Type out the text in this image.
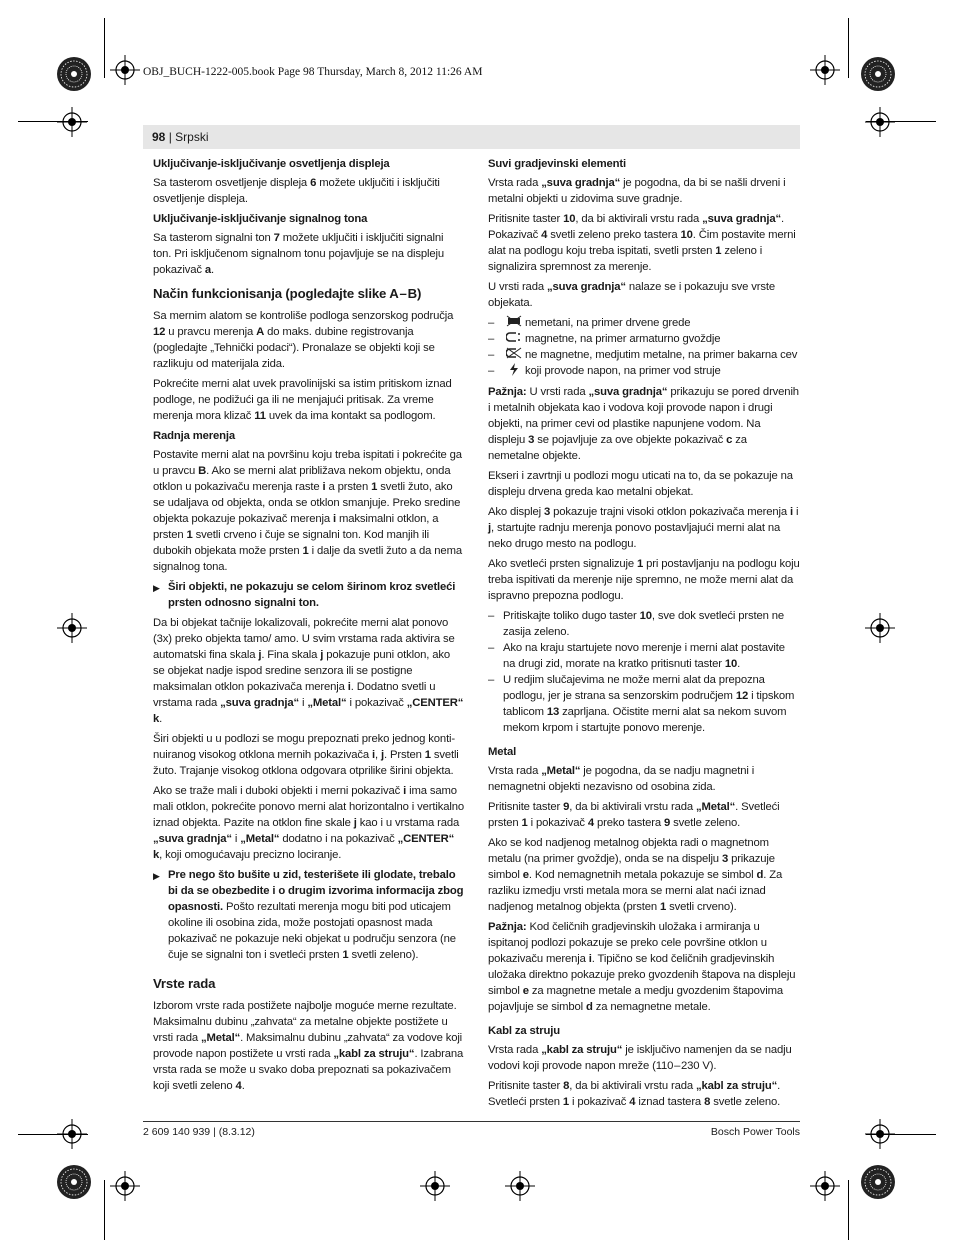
OBJ_BUCH-1222-005.book Page 98 Thursday, March 8, 2012 11:26 AM
98 | Srpski
Uključivanje-isključivanje osvetljenja displeja

Sa tasterom osvetljenje displeja 6 možete uključiti i isključiti osvetljenje displeja.

Uključivanje-isključivanje signalnog tona

Sa tasterom signalni ton 7 možete uključiti i isključiti signalni ton. Pri isključenom signalnom tonu pojavljuje se na displeju pokazivač a.

Način funkcionisanja (pogledajte slike A – B)

Sa mernim alatom se kontroliše podloga senzorskog područja 12 u pravcu merenja A do maks. dubine registrovanja (pogledajte „Tehnički podaci“). Pronalaze se objekti koji se razlikuju od materijala zida.

Pokrećite merni alat uvek pravolinijski sa istim pritiskom iznad podloge, ne podižući ga ili ne menjajući pritisak. Za vreme merenja mora klizač 11 uvek da ima kontakt sa podlogom.

Radnja merenja

Postavite merni alat na površinu koju treba ispitati i pokrećite ga u pravcu B. Ako se merni alat približava nekom objektu, onda otklon u pokazivaču merenja raste i a prsten 1 svetli žuto, ako se udaljava od objekta, onda se otklon smanjuje. Preko sredine objekta pokazuje pokazivač merenja i maksimalni otklon, a prsten 1 svetli crveno i čuje se signalni ton. Kod manjih ili dubokih objekata može prsten 1 i dalje da svetli žuto a da nema signalnog tona.

▶ Širi objekti, ne pokazuju se celom širinom kroz svetleći prsten odnosno signalni ton.

Da bi objekat tačnije lokalizovali, pokrećite merni alat ponovo (3x) preko objekta tamo/ amo. U svim vrstama rada aktivira se automatski fina skala j. Fina skala j pokazuje puni otklon, ako se objekat nadje ispod sredine senzora ili se postigne maksimalan otklon pokazivača merenja i. Dodatno svetli u vrstama rada „suva gradnja“ i „Metal“ i pokazivač „CENTER“ k.

Širi objekti u u podlozi se mogu prepoznati preko jednog konti-nuiranog visokog otklona mernih pokazivača i, j. Prsten 1 svetli žuto. Trajanje visokog otklona odgovara otprilike širini objekta.

Ako se traže mali i duboki objekti i merni pokazivač i ima samo mali otklon, pokrećite ponovo merni alat horizontalno i vertikalno iznad objekta. Pazite na otklon fine skale j kao i u vrstama rada „suva gradnja“ i „Metal“ dodatno i na pokazivač „CENTER“ k, koji omogućavaju precizno lociranje.

▶ Pre nego što bušite u zid, testerišete ili glodate, trebalo bi da se obezbedite i o drugim izvorima informacija zbog opasnosti. Pošto rezultati merenja mogu biti pod uticajem okoline ili osobina zida, može postojati opasnost mada pokazivač ne pokazuje neki objekat u području senzora (ne čuje se signalni ton i svetleći prsten 1 svetli zeleno).
Vrste rada

Izborom vrste rada postižete najbolje moguće merne rezultate. Maksimalnu dubinu „zahvata“ za metalne objekte postižete u vrsti rada „Metal“. Maksimalnu dubinu „zahvata“ za vodove koji provode napon postižete u vrsti rada „kabl za struju“. Izabrana vrsta rada se može u svako doba prepoznati sa pokazivačem koji svetli zeleno 4.

Suvi gradjevinski elementi

Vrsta rada „suva gradnja“ je pogodna, da bi se našli drveni i metalni objekti u zidovima suve gradnje.

Pritisnite taster 10, da bi aktivirali vrstu rada „suva gradnja“. Pokazivač 4 svetli zeleno preko tastera 10. Čim postavite merni alat na podlogu koju treba ispitati, svetli prsten 1 zeleno i signalizira spremnost za merenje.

U vrsti rada „suva gradnja“ nalaze se i pokazuju sve vrste objekata.

–	nemetani, na primer drvene grede
–	magnetne, na primer armaturno gvoždje
–	ne magnetne, medjutim metalne, na primer bakarna cev
–	koji provode napon, na primer vod struje

Pažnja: U vrsti rada „suva gradnja“ prikazuju se pored drvenih i metalnih objekata kao i vodova koji provode napon i drugi objekti, na primer cevi od plastike napunjene vodom. Na displeju 3 se pojavljuje za ove objekte pokazivač c za nemetalne objekte.

Ekseri i zavrtnji u podlozi mogu uticati na to, da se pokazuje na displeju drvena greda kao metalni objekat.

Ako displej 3 pokazuje trajni visoki otklon pokazivača merenja i i j, startujte radnju merenja ponovo postavljajući merni alat na neko drugo mesto na podlogu.

Ako svetleći prsten signalizuje 1 pri postavljanju na podlogu koju treba ispitivati da merenje nije spremno, ne može merni alat da ispravno prepozna podlogu.

– Pritiskajte toliko dugo taster 10, sve dok svetleći prsten ne zasija zeleno.
– Ako na kraju startujete novo merenje i merni alat postavite na drugi zid, morate na kratko pritisnuti taster 10.
– U redjim slučajevima ne može merni alat da prepozna podlogu, jer je strana sa senzorskim područjem 12 i tipskom tablicom 13 zaprljana. Očistite merni alat sa nekom suvom mekom krpom i startujte ponovo merenje.
Metal

Vrsta rada „Metal“ je pogodna, da se nadju magnetni i nemagnetni objekti nezavisno od osobina zida.

Pritisnite taster 9, da bi aktivirali vrstu rada „Metal“. Svetleći prsten 1 i pokazivač 4 preko tastera 9 svetle zeleno.

Ako se kod nadjenog metalnog objekta radi o magnetnom metalu (na primer gvoždje), onda se na dispelju 3 prikazuje simbol e. Kod nemagnetnih metala pokazuje se simbol d. Za razliku izmedju vrsti metala mora se merni alat naći iznad nadjenog metalnog objekta (prsten 1 svetli crveno).

Pažnja: Kod čeličnih gradjevinskih uložaka i armiranja u ispitanoj podlozi pokazuje se preko cele površine otklon u pokazivaču merenja i. Tipično se kod čeličnih gradjevinskih uložaka direktno pokazuje preko gvozdenih štapova na displeju simbol e za magnetne metale a medju gvozdenim štapovima pojavljuje se simbol d za nemagnetne metale.

Kabl za struju

Vrsta rada „kabl za struju“ je isključivo namenjen da se nadju vodovi koji provode napon mreže (110 – 230 V).

Pritisnite taster 8, da bi aktivirali vrstu rada „kabl za struju“. Svetleći prsten 1 i pokazivač 4 iznad tastera 8 svetle zeleno.

2 609 140 939 | (8.3.12)	Bosch Power Tools
